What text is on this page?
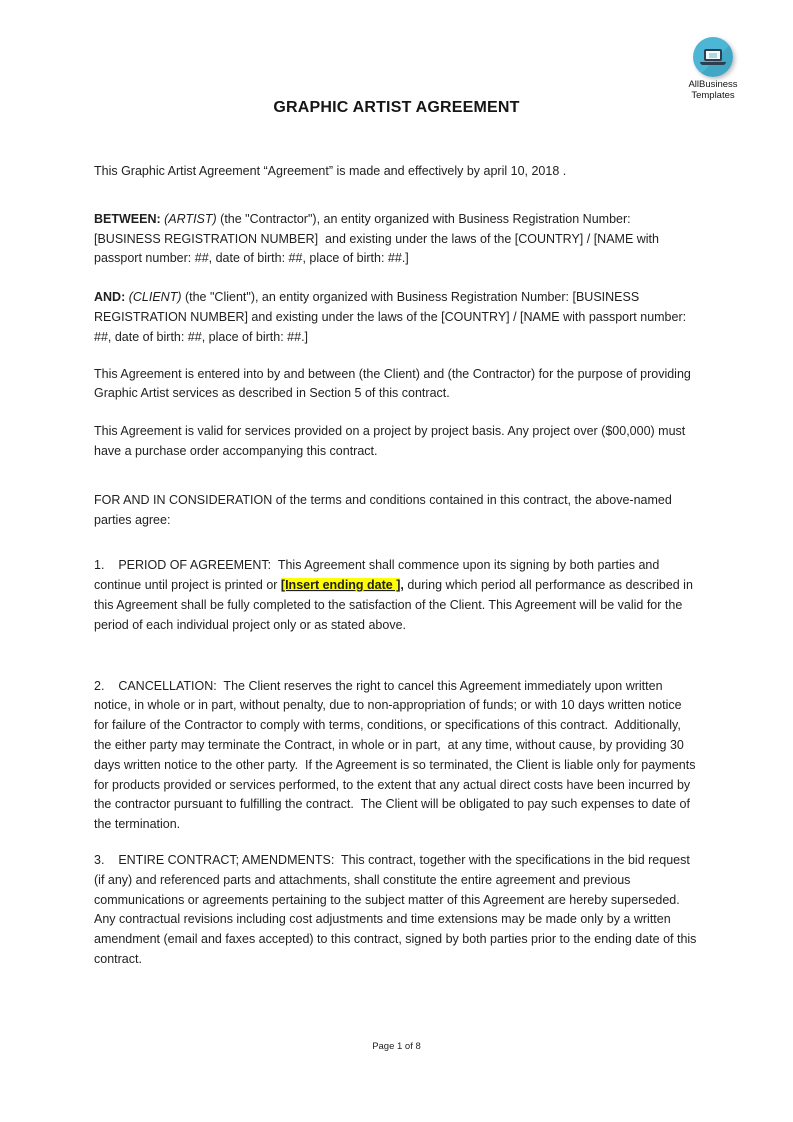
AllBusiness
Templates
GRAPHIC ARTIST AGREEMENT

This Graphic Artist Agreement “Agreement” is made and effectively by april 10, 2018 .

BETWEEN: (ARTIST) (the "Contractor"), an entity organized with Business Registration Number: [BUSINESS REGISTRATION NUMBER]  and existing under the laws of the [COUNTRY] / [NAME with passport number: ##, date of birth: ##, place of birth: ##.]

AND: (CLIENT) (the "Client"), an entity organized with Business Registration Number: [BUSINESS REGISTRATION NUMBER] and existing under the laws of the [COUNTRY] / [NAME with passport number: ##, date of birth: ##, place of birth: ##.]

This Agreement is entered into by and between (the Client) and (the Contractor) for the purpose of providing Graphic Artist services as described in Section 5 of this contract.

This Agreement is valid for services provided on a project by project basis. Any project over ($00,000) must have a purchase order accompanying this contract.

FOR AND IN CONSIDERATION of the terms and conditions contained in this contract, the above-named parties agree:

1.    PERIOD OF AGREEMENT:  This Agreement shall commence upon its signing by both parties and continue until project is printed or [Insert ending date ], during which period all performance as described in this Agreement shall be fully completed to the satisfaction of the Client. This Agreement will be valid for the period of each individual project only or as stated above.

2.    CANCELLATION:  The Client reserves the right to cancel this Agreement immediately upon written notice, in whole or in part, without penalty, due to non-appropriation of funds; or with 10 days written notice for failure of the Contractor to comply with terms, conditions, or specifications of this contract.  Additionally, the either party may terminate the Contract, in whole or in part,  at any time, without cause, by providing 30 days written notice to the other party.  If the Agreement is so terminated, the Client is liable only for payments for products provided or services performed, to the extent that any actual direct costs have been incurred by the contractor pursuant to fulfilling the contract.  The Client will be obligated to pay such expenses to date of the termination.

3.    ENTIRE CONTRACT; AMENDMENTS:  This contract, together with the specifications in the bid request (if any) and referenced parts and attachments, shall constitute the entire agreement and previous communications or agreements pertaining to the subject matter of this Agreement are hereby superseded.  Any contractual revisions including cost adjustments and time extensions may be made only by a written amendment (email and faxes accepted) to this contract, signed by both parties prior to the ending date of this contract.

Page 1 of 8
